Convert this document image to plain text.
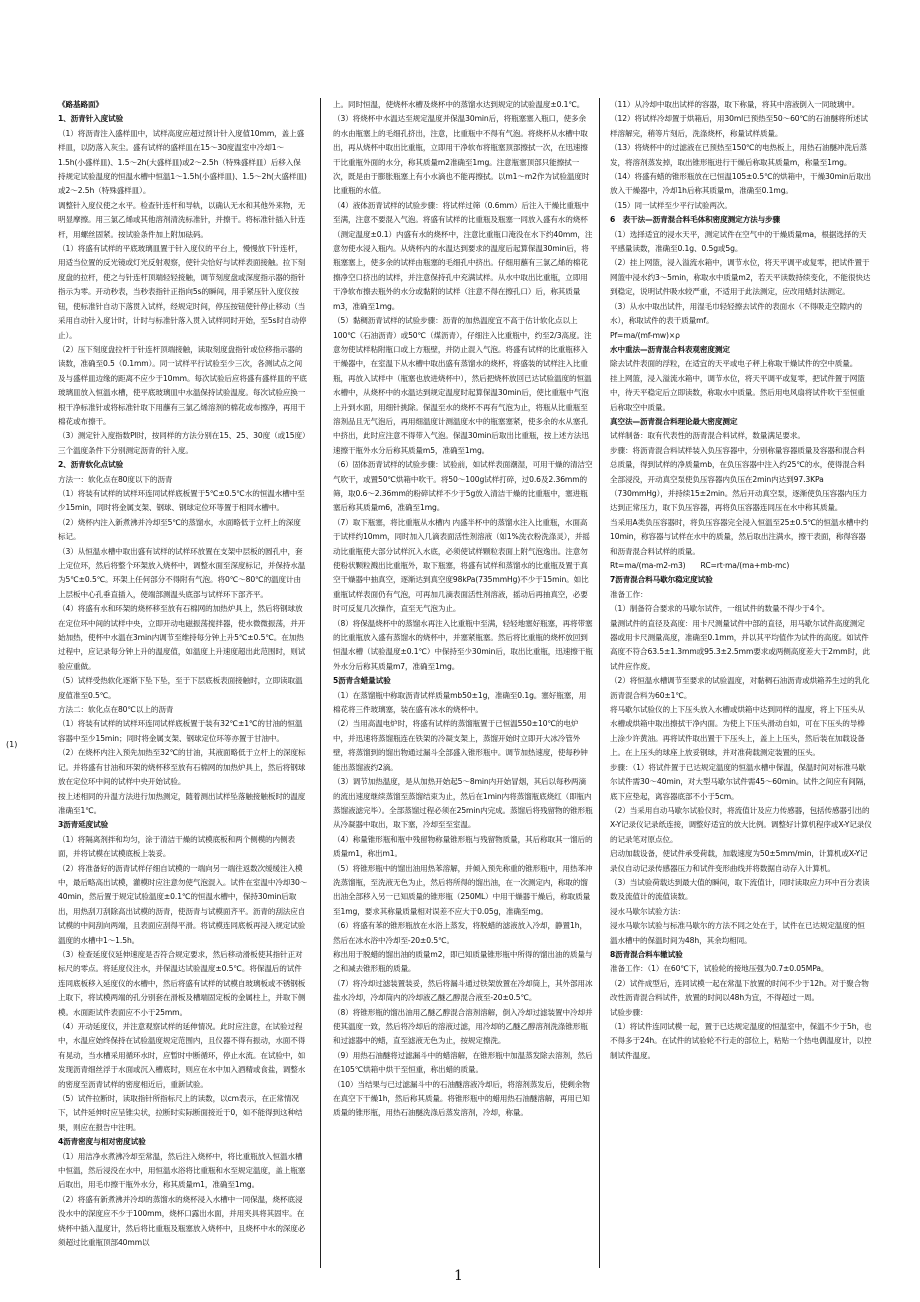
(1)

《路基路面》

1、沥青针入度试验

（1）将沥青注入盛样皿中，试样高度应超过预计针入度值10mm，盖上盛样皿，以防落入灰尘。盛有试样的盛样皿在15～30度温室中冷却1～1.5h(小盛样皿)、1.5～2h(大盛样皿)或2～2.5h（特殊盛样皿）后移入保持规定试验温度的恒温水槽中恒温1～1.5h(小盛样皿)、1.5～2h(大盛样皿)或2～2.5h（特殊盛样皿）。

调整针入度仪使之水平。检查针连杆和导轨，以确认无水和其他外来物，无明显摩擦。用三氯乙烯或其他溶剂清洗标准针，并擦干。将标准针插入针连杆，用螺丝固紧。按试验条件加上附加砝码。

（1）将盛有试样的平底玻璃皿置于针入度仪的平台上，慢慢放下针连杆，用适当位置的反光镜或灯光反射观察，使针尖恰好与试样表面接触。拉下刻度盘的拉杆，使之与针连杆顶端轻轻接触，调节刻度盘或深度指示器的指针指示为零。开动秒表，当秒表指针正指向5s的瞬间，用手紧压针入度仪按钮，使标准针自动下落贯入试样，经规定时间，停压按钮使针停止移动（当采用自动针入度计时，计时与标准针落入贯入试样同时开始，至5s时自动停止）。

（2）压下刻度盘拉杆于针连杆顶端接触，读取刻度盘指针或位移指示器的读数，准确至0.5（0.1mm）。同一试样平行试验至少三次，各测试点之间及与盛样皿边缘的距离不应少于10mm。每次试验后应将盛有盛样皿的平底玻璃皿放入恒温水槽，使平底玻璃皿中水温保持试验温度。每次试验应换一根干净标准针或将标准针取下用蘸有三氯乙烯溶剂的棉花或布擦净，再用干棉花或布擦干。

（3）测定针入度指数PI时，按同样的方法分别在15、25、30度（或15度）三个温度条件下分别测定沥青的针入度。

2、沥青软化点试验

方法一：软化点在80度以下的沥青

（1）将装有试样的试样环连同试样底板置于5℃±0.5℃水的恒温水槽中至少15min，同时将金属支架、钢球、钢球定位环等置于相同水槽中。

（2）烧杯内注入新煮沸并冷却至5℃的蒸馏水，水面略低于立杆上的深度标记。

（3）从恒温水槽中取出盛有试样的试样环放置在支架中层板的圆孔中，套上定位环，然后将整个环架放入烧杯中，调整水面至深度标记，并保持水温为5℃±0.5℃。环架上任何部分不得附有气泡。将0℃～80℃的温度计由上层板中心孔垂直插入，使端部测温头底部与试样环下部齐平。

（4）将盛有水和环架的烧杯移至放有石棉网的加热炉具上，然后将钢球放在定位环中间的试样中央，立即开动电磁振荡搅拌器，使水微微振荡，并开始加热，使杯中水温在3min内调节至维持每分钟上升5℃±0.5℃。在加热过程中，应记录每分钟上升的温度值，如温度上升速度超出此范围时，则试验应重做。

（5）试样受热软化逐渐下坠下坠，至于下层底板表面接触时，立即读取温度值准至0.5℃。

方法二：软化点在80℃以上的沥青

（1）将装有试样的试样环连同试样底板置于装有32℃±1℃的甘油的恒温容器中至少15min；同时将金属支架、钢球定位环等亦置于甘油中。

（2）在烧杯内注入预先加热至32℃的甘油，其液面略低于立杆上的深度标记。并将盛有甘油和环架的烧杯移至放有石棉网的加热炉具上，然后将钢球放在定位环中间的试样中央开始试验。

按上述相同的升温方法进行加热测定，随着测出试样坠落触接触板时的温度准确至1℃。

3沥青延度试验

（1）将隔离剂拌和均匀，涂于清洁干燥的试模底板和两个侧模的内侧表面，并将试模在试模底板上装妥。

（2）将准备好的沥青试样仔细自试模的一端向另一端往返数次缓缓注入模中，最后略高出试模，灌模时应注意勿使气泡混入。试件在室温中冷却30～40min，然后置于规定试验温度±0.1℃的恒温水槽中，保持30min后取出，用热刮刀刮除高出试模的沥青，使沥青与试模面齐平。沥青的刮法应自试模的中间刮向两端，且表面应刮得平滑。将试模连同底板再浸入规定试验温度的水槽中1～1.5h。

（3）检查延度仪延伸速度是否符合规定要求，然后移动滑板使其指针正对标尺的零点。将延度仪注水，并保温达试验温度±0.5℃。将保温后的试件连同底板移入延度仪的水槽中，然后将盛有试样的试模自玻璃板或不锈钢板上取下，将试模两端的孔分别套在滑板及槽端固定板的金属柱上，并取下侧模。水面距试件表面应不小于25mm。

（4）开动延度仪，并注意观察试样的延伸情况。此时应注意，在试验过程中，水温应始终保持在试验温度规定范围内，且仪器不得有振动，水面不得有晃动，当水槽采用循环水时，应暂时中断循环，停止水流。在试验中，如发现沥青细丝浮于水面或沉入槽底时，则应在水中加入酒精或食盐，调整水的密度至沥青试样的密度相近后，重新试验。

（5）试件拉断时，读取指针所指标尺上的读数，以cm表示，在正常情况下，试件延伸时应呈锥尖状，拉断时实际断面接近于0，如不能得到这种结果，则应在报告中注明。

4沥青密度与相对密度试验

（1）用洁净水煮沸冷却至常温，然后注入烧杯中，将比重瓶放入恒温水槽中恒温，然后浸没在水中，用恒温水浴将比重瓶和水至规定温度，盖上瓶塞后取出，用毛巾擦干瓶外水分，称其质量m1，准确至1mg。

（2）将盛有新煮沸并冷却的蒸馏水的烧杯浸入水槽中一同保温，烧杯底浸没水中的深度应不少于100mm，烧杯口露出水面，并用夹具将其固牢。在烧杯中插入温度计，然后将比重瓶及瓶塞放入烧杯中，且烧杯中水的深度必须超过比重瓶顶部40mm以

上。同时恒温，使烧杯水槽及烧杯中的蒸馏水达到规定的试验温度±0.1℃。

（3）将烧杯中水温达至规定温度并保温30min后，将瓶塞塞入瓶口，使多余的水由瓶塞上的毛细孔挤出，注意，比重瓶中不得有气泡。将烧杯从水槽中取出，再从烧杯中取出比重瓶，立即用干净软布将瓶塞顶部擦拭一次，在迅速擦干比重瓶外面的水分，称其质量m2准确至1mg。注意瓶塞顶部只能擦拭一次，既是由于膨胀瓶塞上有小水滴也不能再擦拭。以m1～m2作为试验温度时比重瓶的水值。

（4）液体沥青试样的试验步骤：将试样过筛（0.6mm）后注入干燥比重瓶中至满，注意不要混入气泡。将盛有试样的比重瓶及瓶塞一同放入盛有水的烧杯（测定温度±0.1）内盛有水的烧杯中，注意比重瓶口淹没在水下约40mm，注意勿使水浸入瓶内。从烧杯内的水温达到要求的温度后起算保温30min后，将瓶塞塞上，使多余的试样由瓶塞的毛细孔中挤出。仔细用蘸有三氯乙烯的棉花擦净空口挤出的试样，并注意保持孔中充满试样。从水中取出比重瓶，立即用干净软布擦去瓶外的水分或黏附的试样（注意不得在擦孔口）后，称其质量m3，准确至1mg。

（5）黏稠沥青试样的试验步骤：沥青的加热温度宜不高于估计软化点以上100℃（石油沥青）或50℃（煤沥青），仔细注入比重瓶中，约至2/3高度。注意勿使试样粘附瓶口或上方瓶壁，并防止混入气泡。将盛有试样的比重瓶移入干燥器中，在室温下从水槽中取出盛有蒸馏水的烧杯，将盛装的试样注入比重瓶，再放入试样中（瓶塞也放进烧杯中），然后把烧杯放回已达试验温度的恒温水槽中，从烧杯中的水温达到规定温度时起算保温30min后，使比重瓶中气泡上升到水面，用细针挑除。保温至水的烧杯不再有气泡为止，将瓶从比重瓶至溶剂品且无气泡后，再用细温度计测温度水中的瓶塞塞紧，使多余的水从塞孔中挤出，此时应注意不得带入气泡。保温30min后取出比重瓶，按上述方法迅速擦干瓶外水分后称其质量m5，准确至1mg。

（6）固体沥青试样的试验步骤：试验前，如试样表面潮湿，可用干燥的清洁空气吹干，或置50℃烘箱中吹干。将50～100g试样打碎，过0.6及2.36mm的筛，取0.6～2.36mm的粉碎试样不少于5g放入清洁干燥的比重瓶中，塞进瓶塞后称其质量m6，准确至1mg。

（7）取下瓶塞，将比重瓶从水槽内 内盛半杯中的蒸馏水注入比重瓶，水面高于试样约10mm，同时加入几滴表面活性剂溶液（如1%洗衣粉洗涤灵），并摇动比重瓶使大部分试样沉入水底，必须使试样颗粒表面上附气泡逸出。注意勿使粉状颗粒溅出比重瓶外，取下瓶塞，将盛有试样和蒸馏水的比重瓶及置于真空干燥器中抽真空，逐渐达到真空度98kPa(735mmHg)不少于15min。如比重瓶试样表面仍有气泡，可再加几滴表面活性剂溶液，摇动后再抽真空，必要时可反复几次操作，直至无气泡为止。

（8）将保温烧杯中的蒸馏水再注入比重瓶中至满，轻轻地塞好瓶塞，再将带塞的比重瓶放入盛有蒸馏水的烧杯中，并塞紧瓶塞。然后将比重瓶的烧杯放回到恒温水槽（试验温度±0.1℃）中保持至少30min后，取出比重瓶，迅速擦干瓶外水分后称其质量m7，准确至1mg。

5沥青含蜡量试验

（1）在蒸馏瓶中称取沥青试样质量mb50±1g，准确至0.1g。塞好瓶塞，用棉花将三件玻璃塞，装在盛有冰水的烧杯中。

（2）当用高温电炉时，将盛有试样的蒸馏瓶置于已恒温550±10℃的电炉中，并迅速将蒸馏瓶连在铁架的冷凝支架上，蒸馏开始时立即开大冰冷管外壁，将蒸馏到的馏出物通过漏斗全部盛入锥形瓶中。调节加热速度，使每秒钟能出蒸馏液约2滴。

（3）调节加热温度，是从加热开始起5～8min内开始冒烟，其后以每秒两滴的流出速度继续蒸馏至蒸馏结束为止，然后在1min内将蒸馏瓶底烧红（即瓶内蒸馏液滤完毕）。全部蒸馏过程必须在25min内完成。蒸馏后将残留物的锥形瓶从冷凝器中取出，取下塞，冷却至至室温。

（4）称量锥形瓶和瓶中残留物称量锥形瓶与残留物质量，其后称取其一馏后的质量m1，称出m1。

（5）将锥形瓶中的馏出油用热苯溶解，并倾入预先称重的锥形瓶中，用热苯冲洗蒸馏瓶，至洗液无色为止，然后将所得的馏出油，在一次测定内，称取的馏出油全部移入另一已知质量的锥形瓶（250ML）中用干燥器干燥后，称取质量至1mg，要求其称量质量相对误差不应大于0.05g，准确至mg。

（6）将盛有苯的锥形瓶放在水浴上蒸发，将脱蜡的滤液放入冷却，静置1h，然后在冰水浴中冷却至-20±0.5℃。

称出用于脱蜡的馏出油的质量m2，即已知质量锥形瓶中所得的馏出油的质量与之和减去锥形瓶的质量。

（7）将冷却过滤装置装妥，然后将漏斗通过铁架放置在冷却筒上，其外部用冰盐水冷却，冷却筒内的冷却液乙醚乙醇混合液至-20±0.5℃。

（8）将锥形瓶的馏出油用乙醚乙醇混合溶剂溶解，倒入冷却过滤装置中冷却并使其温度一致，然后将冷却后的溶液过滤，用冷却的乙醚乙醇溶剂洗涤锥形瓶和过滤器中的蜡，直至滤液无色为止，按规定擦洗。

（9）用热石油醚将过滤漏斗中的蜡溶解，在锥形瓶中加温蒸发除去溶剂，然后在105℃烘箱中烘干至恒重，称出蜡的质量。

（10）当结果与已过滤漏斗中的石油醚溶液冷却后，将溶剂蒸发后，使剩余物在真空下干燥1h，然后称其质量。将锥形瓶中的蜡用热石油醚溶解，再用已知质量的锥形瓶，用热石油醚洗涤后蒸发溶剂，冷却，称量。

（11）从冷却中取出试样的容器，取下称量，将其中溶液倒入一同玻璃中。

（12）将试样冷却置于烘箱后，用30ml已预热至50～60℃的石油醚将所述试样溶解完，稍等片刻后，洗涤烧杯，称量试样质量。

（13）将烧杯中的过滤液在已预热至150℃的电热板上，用热石油醚冲洗后蒸发，将溶剂蒸发掉，取出锥形瓶进行干燥后称取其质量m，称量至1mg。

（14）将盛有蜡的锥形瓶放在已恒温105±0.5℃的烘箱中，干燥30min后取出放入干燥器中，冷却1h后称其质量m，准确至0.1mg。

（15）同一试样至少平行试验两次。

6　表干法—沥青混合料毛体积密度测定方法与步骤

（1）选择适宜的浸水天平，测定试件在空气中的干燥质量ma，根据选择的天平感量读数，准确至0.1g、0.5g或5g。

（2）挂上网篮，浸入溢流水箱中，调节水位，将天平调平或复零，把试件置于网篮中浸水约3～5min，称取水中质量m2，若天平读数持续变化，不能很快达到稳定，说明试件吸水较严重，不适用于此法测定，应改用蜡封法测定。

（3）从水中取出试件，用湿毛巾轻轻擦去试件的表面水（不得吸走空隙内的水），称取试件的表干质量mf。

Pf=ma/(mf-mw)×ρ

水中重法—沥青混合料表观密度测定

除去试件表面的浮粒，在适宜的天平或电子秤上称取干燥试件的空中质量。

挂上网篮，浸入溢流水箱中，调节水位，将天平调平或复零，把试件置于网篮中，待天平稳定后立即读数，称取水中质量。然后用电风扇将试件吹干至恒重后称取空中质量。

真空法—沥青混合料理论最大密度测定

试样制备：取有代表性的沥青混合料试样，数量满足要求。

步骤：将沥青混合料试样装入负压容器中，分别称量容器质量及容器和混合料总质量，得到试样的净质量mb，在负压容器中注入约25℃的水，使得混合料全部浸没，开动真空泵使负压容器内负压在2min内达到97.3KPa（730mmHg），并持续15±2min。然后开动真空泵，逐渐使负压容器内压力达到正常压力，取下负压容器，再将负压容器连同压在水中称其质量。

当采用A类负压容器时，将负压容器完全浸入恒温至25±0.5℃的恒温水槽中约10min，称容器与试样在水中的质量，然后取出注满水，擦干表面，称得容器和沥青混合料试样的质量。

Rt=ma/(ma-m2-m3)　　RC=rt·ma/(ma+mb-mc)

7沥青混合料马歇尔稳定度试验

准备工作：

（1）制备符合要求的马歇尔试件，一组试件的数量不得少于4个。

量测试件的直径及高度：用卡尺测量试件中部的直径，用马歇尔试件高度测定器或用卡尺测量高度，准确至0.1mm，并以其平均值作为试件的高度。如试件高度不符合63.5±1.3mm或95.3±2.5mm要求或两侧高度差大于2mm时，此试件应作废。

（2）将恒温水槽调节至要求的试验温度，对黏稠石油沥青或烘箱养生过的乳化沥青混合料为60±1℃。

将马歇尔试验仪的上下压头放入水槽或烘箱中达到同样的温度，将上下压头从水槽或烘箱中取出擦拭干净内面。为使上下压头滑动自如，可在下压头的导棒上涂少许黄油。再将试件取出置于下压头上，盖上上压头，然后装在加载设备上。在上压头的球座上放妥钢球，并对准荷载测定装置的压头。

步骤：（1）将试件置于已达规定温度的恒温水槽中保温，保温时间对标准马歇尔试件需30～40min，对大型马歇尔试件需45～60min。试件之间应有间隔，底下应垫起，离容器底部不小于5cm。

（2）当采用自动马歇尔试验仪时，将流值计及应力传感器，包括传感器引出的X-Y记录仪记录纸连接，调整好适宜的放大比例。调整好计算机程序或X-Y记录仪的记录笔对原点位。

启动加载设备，使试件承受荷载，加载速度为50±5mm/min，计算机或X-Y记录仪自动记录传感器压力和试件变形曲线并将数据自动存入计算机。

（3）当试验荷载达到最大值的瞬间，取下流值计，同时读取应力环中百分表读数及流值计的流值读数。

浸水马歇尔试验方法：

浸水马歇尔试验与标准马歇尔的方法不同之处在于，试件在已达规定温度的恒温水槽中的保温时间为48h，其余均相同。

8沥青混合料车辙试验

准备工作：（1）在60℃下，试验轮的接地压强为0.7±0.05MPa。

（2）试件成型后，连同试模一起在常温下放置的时间不少于12h。对于聚合物改性沥青混合料试件，放置的时间以48h为宜，不得超过一周。

试验步骤：

（1）将试件连同试模一起，置于已达规定温度的恒温室中，保温不少于5h，也不得多于24h。在试件的试验轮不行走的部位上，粘贴一个热电偶温度计，以控制试件温度。

1
